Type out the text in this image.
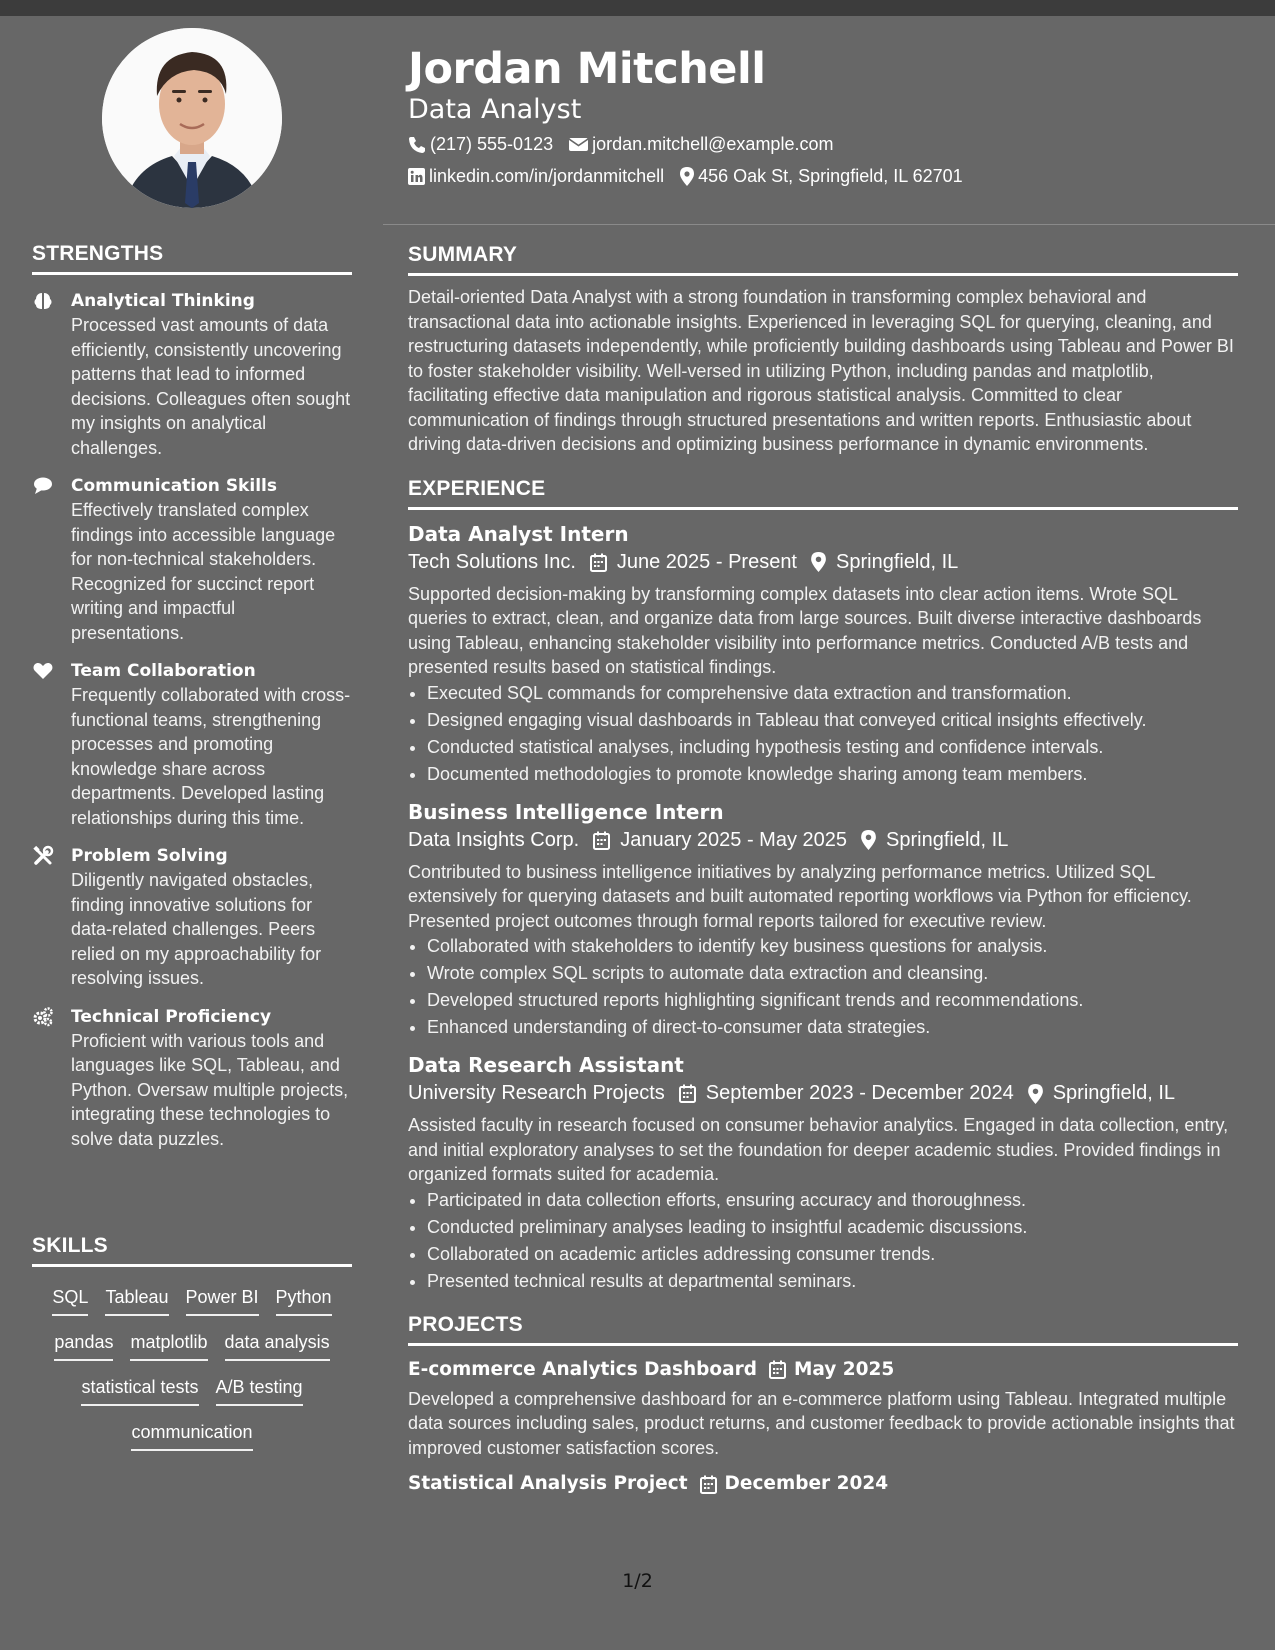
STRENGTHS
Analytical Thinking
Processed vast amounts of data efficiently, consistently uncovering patterns that lead to informed decisions. Colleagues often sought my insights on analytical challenges.
Communication Skills
Effectively translated complex findings into accessible language for non-technical stakeholders. Recognized for succinct report writing and impactful presentations.
Team Collaboration
Frequently collaborated with cross-functional teams, strengthening processes and promoting knowledge share across departments. Developed lasting relationships during this time.
Problem Solving
Diligently navigated obstacles, finding innovative solutions for data-related challenges. Peers relied on my approachability for resolving issues.
Technical Proficiency
Proficient with various tools and languages like SQL, Tableau, and Python. Oversaw multiple projects, integrating these technologies to solve data puzzles.
SKILLS
SQL Tableau Power BI Python
pandas matplotlib data analysis
statistical tests A/B testing
communication
Jordan Mitchell
Data Analyst
(217) 555-0123 jordan.mitchell@example.com
linkedin.com/in/jordanmitchell 456 Oak St, Springfield, IL 62701
SUMMARY

Detail-oriented Data Analyst with a strong foundation in transforming complex behavioral and transactional data into actionable insights. Experienced in leveraging SQL for querying, cleaning, and restructuring datasets independently, while proficiently building dashboards using Tableau and Power BI to foster stakeholder visibility. Well-versed in utilizing Python, including pandas and matplotlib, facilitating effective data manipulation and rigorous statistical analysis. Committed to clear communication of findings through structured presentations and written reports. Enthusiastic about driving data-driven decisions and optimizing business performance in dynamic environments.

EXPERIENCE
Data Analyst Intern
Tech Solutions Inc. June 2025 - Present Springfield, IL

Supported decision-making by transforming complex datasets into clear action items. Wrote SQL queries to extract, clean, and organize data from large sources. Built diverse interactive dashboards using Tableau, enhancing stakeholder visibility into performance metrics. Conducted A/B tests and presented results based on statistical findings.

• Executed SQL commands for comprehensive data extraction and transformation.
• Designed engaging visual dashboards in Tableau that conveyed critical insights effectively.
• Conducted statistical analyses, including hypothesis testing and confidence intervals.
• Documented methodologies to promote knowledge sharing among team members.
Business Intelligence Intern
Data Insights Corp. January 2025 - May 2025 Springfield, IL

Contributed to business intelligence initiatives by analyzing performance metrics. Utilized SQL extensively for querying datasets and built automated reporting workflows via Python for efficiency. Presented project outcomes through formal reports tailored for executive review.

• Collaborated with stakeholders to identify key business questions for analysis.
• Wrote complex SQL scripts to automate data extraction and cleansing.
• Developed structured reports highlighting significant trends and recommendations.
• Enhanced understanding of direct-to-consumer data strategies.
Data Research Assistant
University Research Projects September 2023 - December 2024 Springfield, IL

Assisted faculty in research focused on consumer behavior analytics. Engaged in data collection, entry, and initial exploratory analyses to set the foundation for deeper academic studies. Provided findings in organized formats suited for academia.

• Participated in data collection efforts, ensuring accuracy and thoroughness.
• Conducted preliminary analyses leading to insightful academic discussions.
• Collaborated on academic articles addressing consumer trends.
• Presented technical results at departmental seminars.
PROJECTS
E-commerce Analytics Dashboard May 2025

Developed a comprehensive dashboard for an e-commerce platform using Tableau. Integrated multiple data sources including sales, product returns, and customer feedback to provide actionable insights that improved customer satisfaction scores.

Statistical Analysis Project December 2024
1/2
